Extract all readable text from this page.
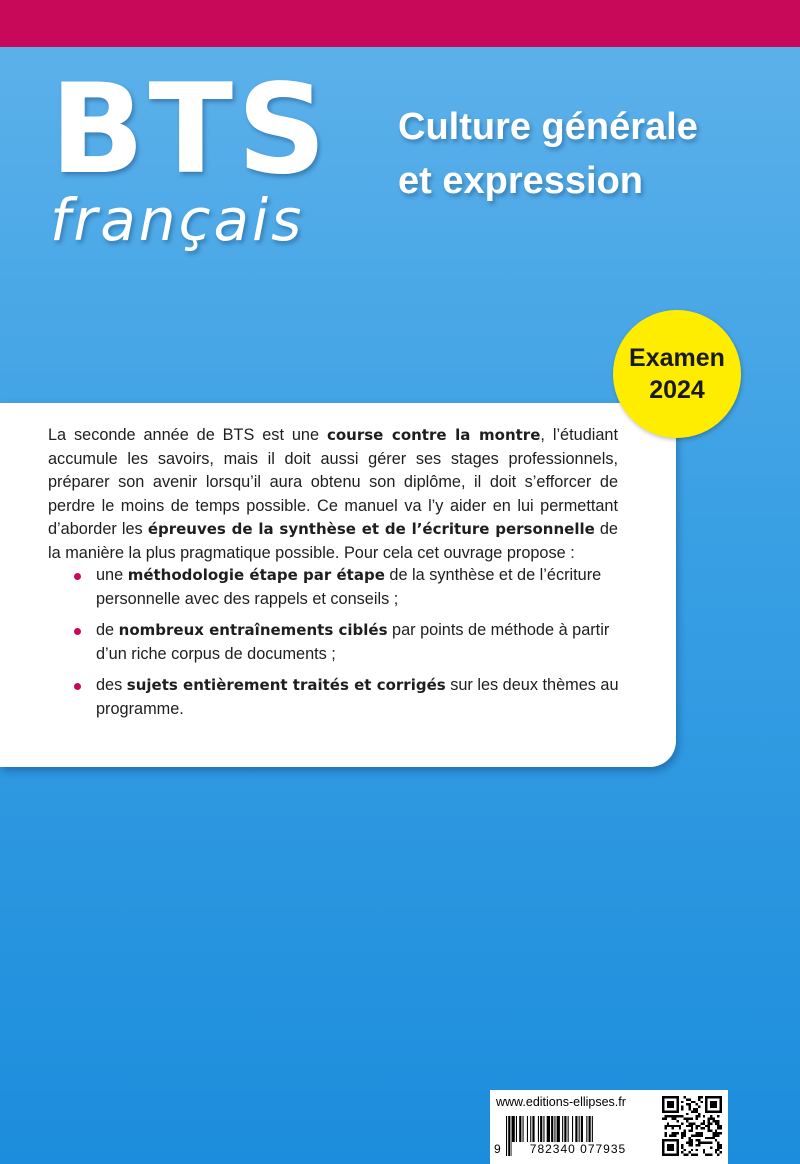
BTS
français
Culture générale
et expression
Examen
2024

La seconde année de BTS est une course contre la montre, l’étudiant accumule les savoirs, mais il doit aussi gérer ses stages professionnels, préparer son avenir lorsqu’il aura obtenu son diplôme, il doit s’efforcer de perdre le moins de temps possible. Ce manuel va l’y aider en lui permettant d’aborder les épreuves de la synthèse et de l’écriture personnelle de la manière la plus pragmatique possible. Pour cela cet ouvrage propose :

une méthodologie étape par étape de la synthèse et de l’écriture personnelle avec des rappels et conseils ;
de nombreux entraînements ciblés par points de méthode à partir d’un riche corpus de documents ;
des sujets entièrement traités et corrigés sur les deux thèmes au programme.
www.editions-ellipses.fr
9	782340 077935
